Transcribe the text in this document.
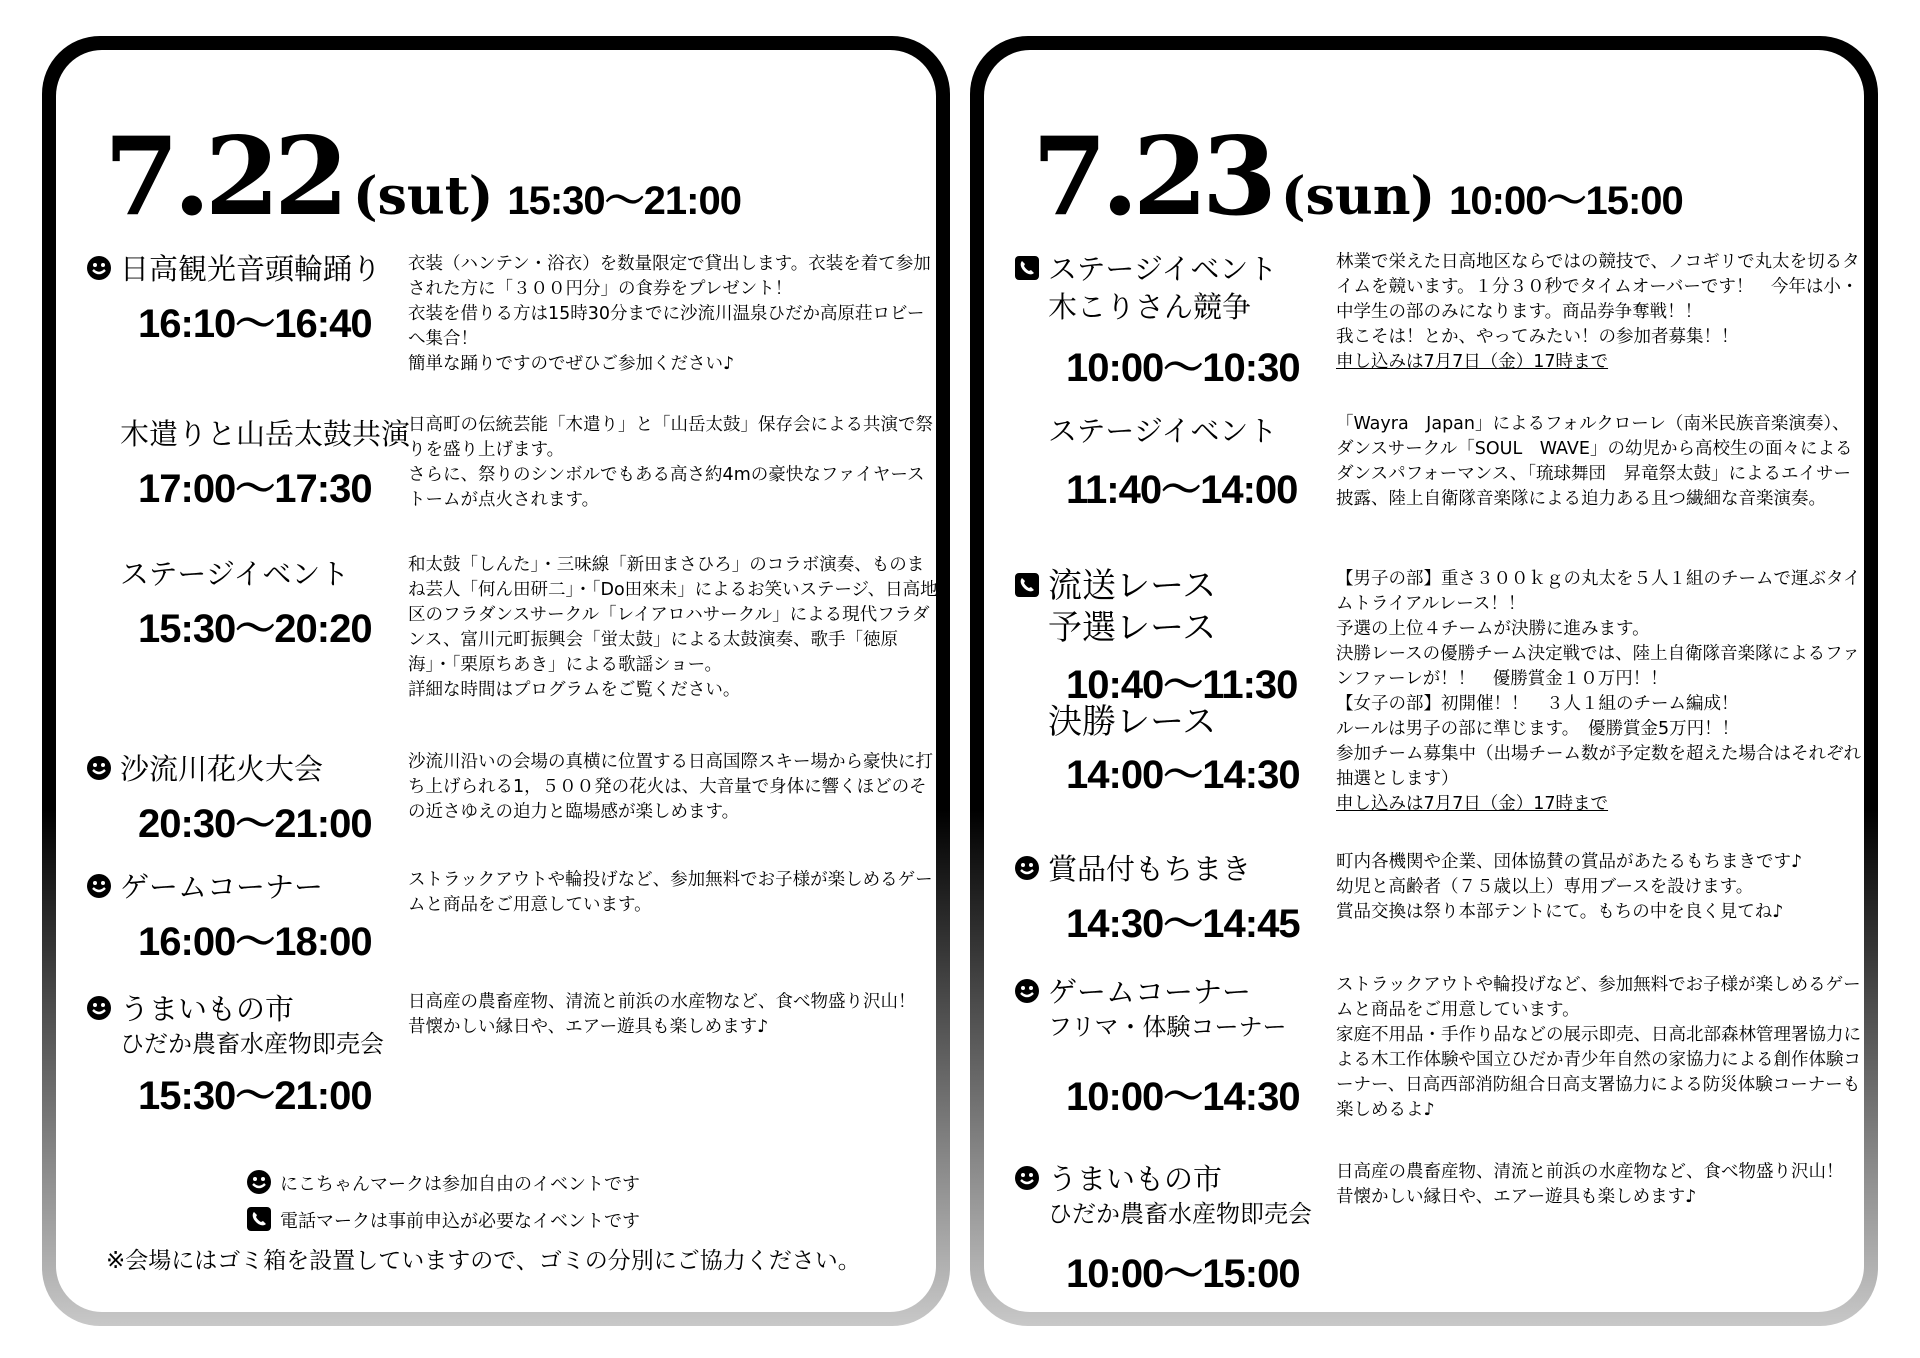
7.22 (sut) 15:30〜21:00
日高観光音頭輪踊り
16:10〜16:40
衣装（ハンテン・浴衣）を数量限定で貸出します。衣装を着て参加された方に「３００円分」の食券をプレゼント！
衣装を借りる方は15時30分までに沙流川温泉ひだか高原荘ロビーへ集合！
簡単な踊りですのでぜひご参加ください♪
木遣りと山岳太鼓共演
17:00〜17:30
日高町の伝統芸能「木遣り」と「山岳太鼓」保存会による共演で祭りを盛り上げます。
さらに、祭りのシンボルでもある高さ約4mの豪快なファイヤーストームが点火されます。
ステージイベント
15:30〜20:20
和太鼓「しんた」・三味線「新田まさひろ」のコラボ演奏、ものまね芸人「何ん田研二」・「Do田來未」によるお笑いステージ、日高地区のフラダンスサークル「レイアロハサークル」による現代フラダンス、富川元町振興会「蛍太鼓」による太鼓演奏、歌手「徳原海」・「栗原ちあき」による歌謡ショー。
詳細な時間はプログラムをご覧ください。
沙流川花火大会
20:30〜21:00
沙流川沿いの会場の真横に位置する日高国際スキー場から豪快に打ち上げられる1，５００発の花火は、大音量で身体に響くほどのその近さゆえの迫力と臨場感が楽しめます。
ゲームコーナー
16:00〜18:00
ストラックアウトや輪投げなど、参加無料でお子様が楽しめるゲームと商品をご用意しています。
うまいもの市
ひだか農畜水産物即売会
15:30〜21:00
日高産の農畜産物、清流と前浜の水産物など、食べ物盛り沢山！
昔懐かしい縁日や、エアー遊具も楽しめます♪
にこちゃんマークは参加自由のイベントです
電話マークは事前申込が必要なイベントです
※会場にはゴミ箱を設置していますので、ゴミの分別にご協力ください。
7.23 (sun) 10:00〜15:00
ステージイベント
木こりさん競争
10:00〜10:30
林業で栄えた日高地区ならではの競技で、ノコギリで丸太を切るタイムを競います。１分３０秒でタイムオーバーです！　今年は小・中学生の部のみになります。商品券争奪戦！！
我こそは！とか、やってみたい！の参加者募集！！
申し込みは7月7日（金）17時まで
ステージイベント
11:40〜14:00
「Wayra　Japan」によるフォルクローレ（南米民族音楽演奏）、ダンスサークル「SOUL　WAVE」の幼児から高校生の面々によるダンスパフォーマンス、「琉球舞団　昇竜祭太鼓」によるエイサー披露、陸上自衛隊音楽隊による迫力ある且つ繊細な音楽演奏。
流送レース
予選レース
10:40〜11:30
決勝レース
14:00〜14:30
【男子の部】重さ３００ｋｇの丸太を５人１組のチームで運ぶタイムトライアルレース！！
予選の上位４チームが決勝に進みます。
決勝レースの優勝チーム決定戦では、陸上自衛隊音楽隊によるファンファーレが！！　優勝賞金１０万円！！
【女子の部】初開催！！　３人１組のチーム編成！
ルールは男子の部に準じます。　優勝賞金5万円！！
参加チーム募集中（出場チーム数が予定数を超えた場合はそれぞれ抽選とします）
申し込みは7月7日（金）17時まで
賞品付もちまき
14:30〜14:45
町内各機関や企業、団体協賛の賞品があたるもちまきです♪
幼児と高齢者（７５歳以上）専用ブースを設けます。
賞品交換は祭り本部テントにて。もちの中を良く見てね♪
ゲームコーナー
フリマ・体験コーナー
10:00〜14:30
ストラックアウトや輪投げなど、参加無料でお子様が楽しめるゲームと商品をご用意しています。
家庭不用品・手作り品などの展示即売、日高北部森林管理署協力による木工作体験や国立ひだか青少年自然の家協力による創作体験コーナー、日高西部消防組合日高支署協力による防災体験コーナーも楽しめるよ♪
うまいもの市
ひだか農畜水産物即売会
10:00〜15:00
日高産の農畜産物、清流と前浜の水産物など、食べ物盛り沢山！
昔懐かしい縁日や、エアー遊具も楽しめます♪
